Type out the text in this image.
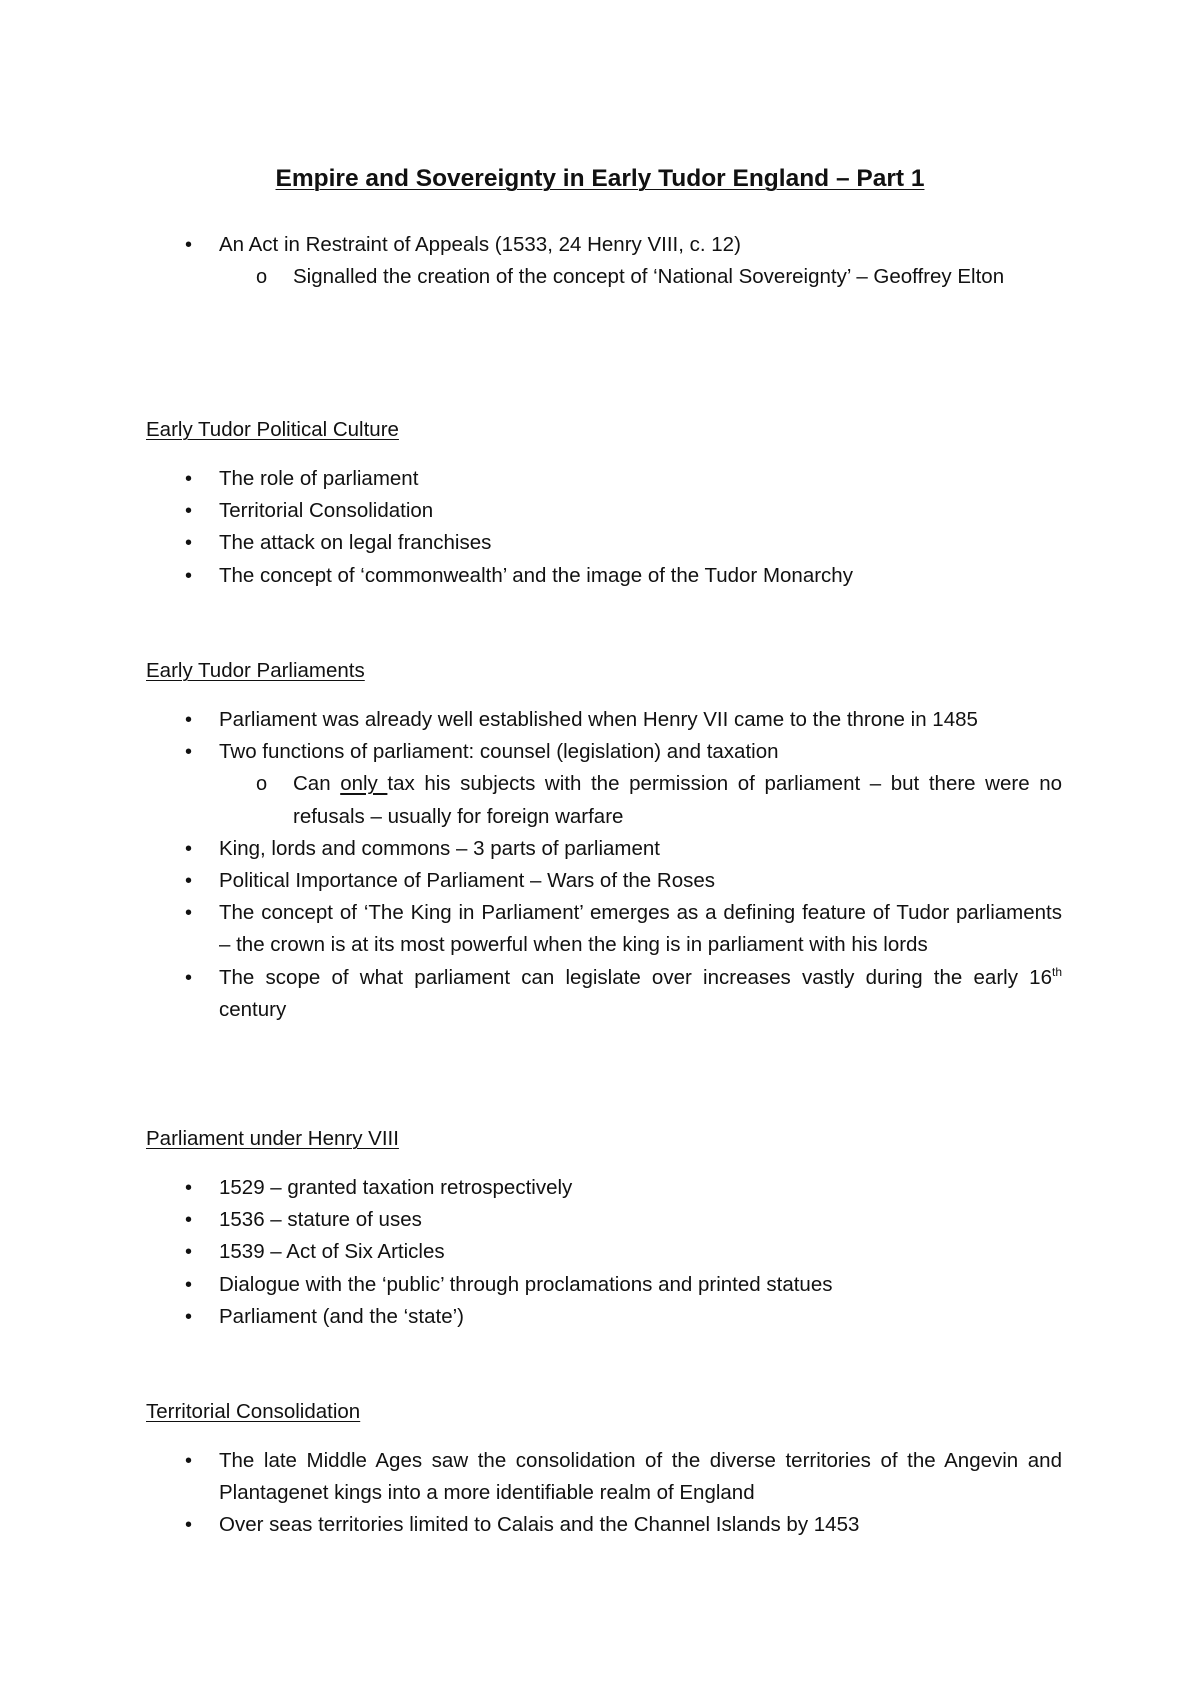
Empire and Sovereignty in Early Tudor England – Part 1
• An Act in Restraint of Appeals (1533, 24 Henry VIII, c. 12)
o Signalled the creation of the concept of ‘National Sovereignty’ – Geoffrey Elton
Early Tudor Political Culture
• The role of parliament
• Territorial Consolidation
• The attack on legal franchises
• The concept of ‘commonwealth’ and the image of the Tudor Monarchy
Early Tudor Parliaments
• Parliament was already well established when Henry VII came to the throne in 1485
• Two functions of parliament: counsel (legislation) and taxation
o Can only tax his subjects with the permission of parliament – but there were no refusals – usually for foreign warfare
• King, lords and commons – 3 parts of parliament
• Political Importance of Parliament – Wars of the Roses
• The concept of ‘The King in Parliament’ emerges as a defining feature of Tudor parliaments – the crown is at its most powerful when the king is in parliament with his lords
• The scope of what parliament can legislate over increases vastly during the early 16th century
Parliament under Henry VIII
• 1529 – granted taxation retrospectively
• 1536 – stature of uses
• 1539 – Act of Six Articles
• Dialogue with the ‘public’ through proclamations and printed statues
• Parliament (and the ‘state’)
Territorial Consolidation
• The late Middle Ages saw the consolidation of the diverse territories of the Angevin and Plantagenet kings into a more identifiable realm of England
• Over seas territories limited to Calais and the Channel Islands by 1453
